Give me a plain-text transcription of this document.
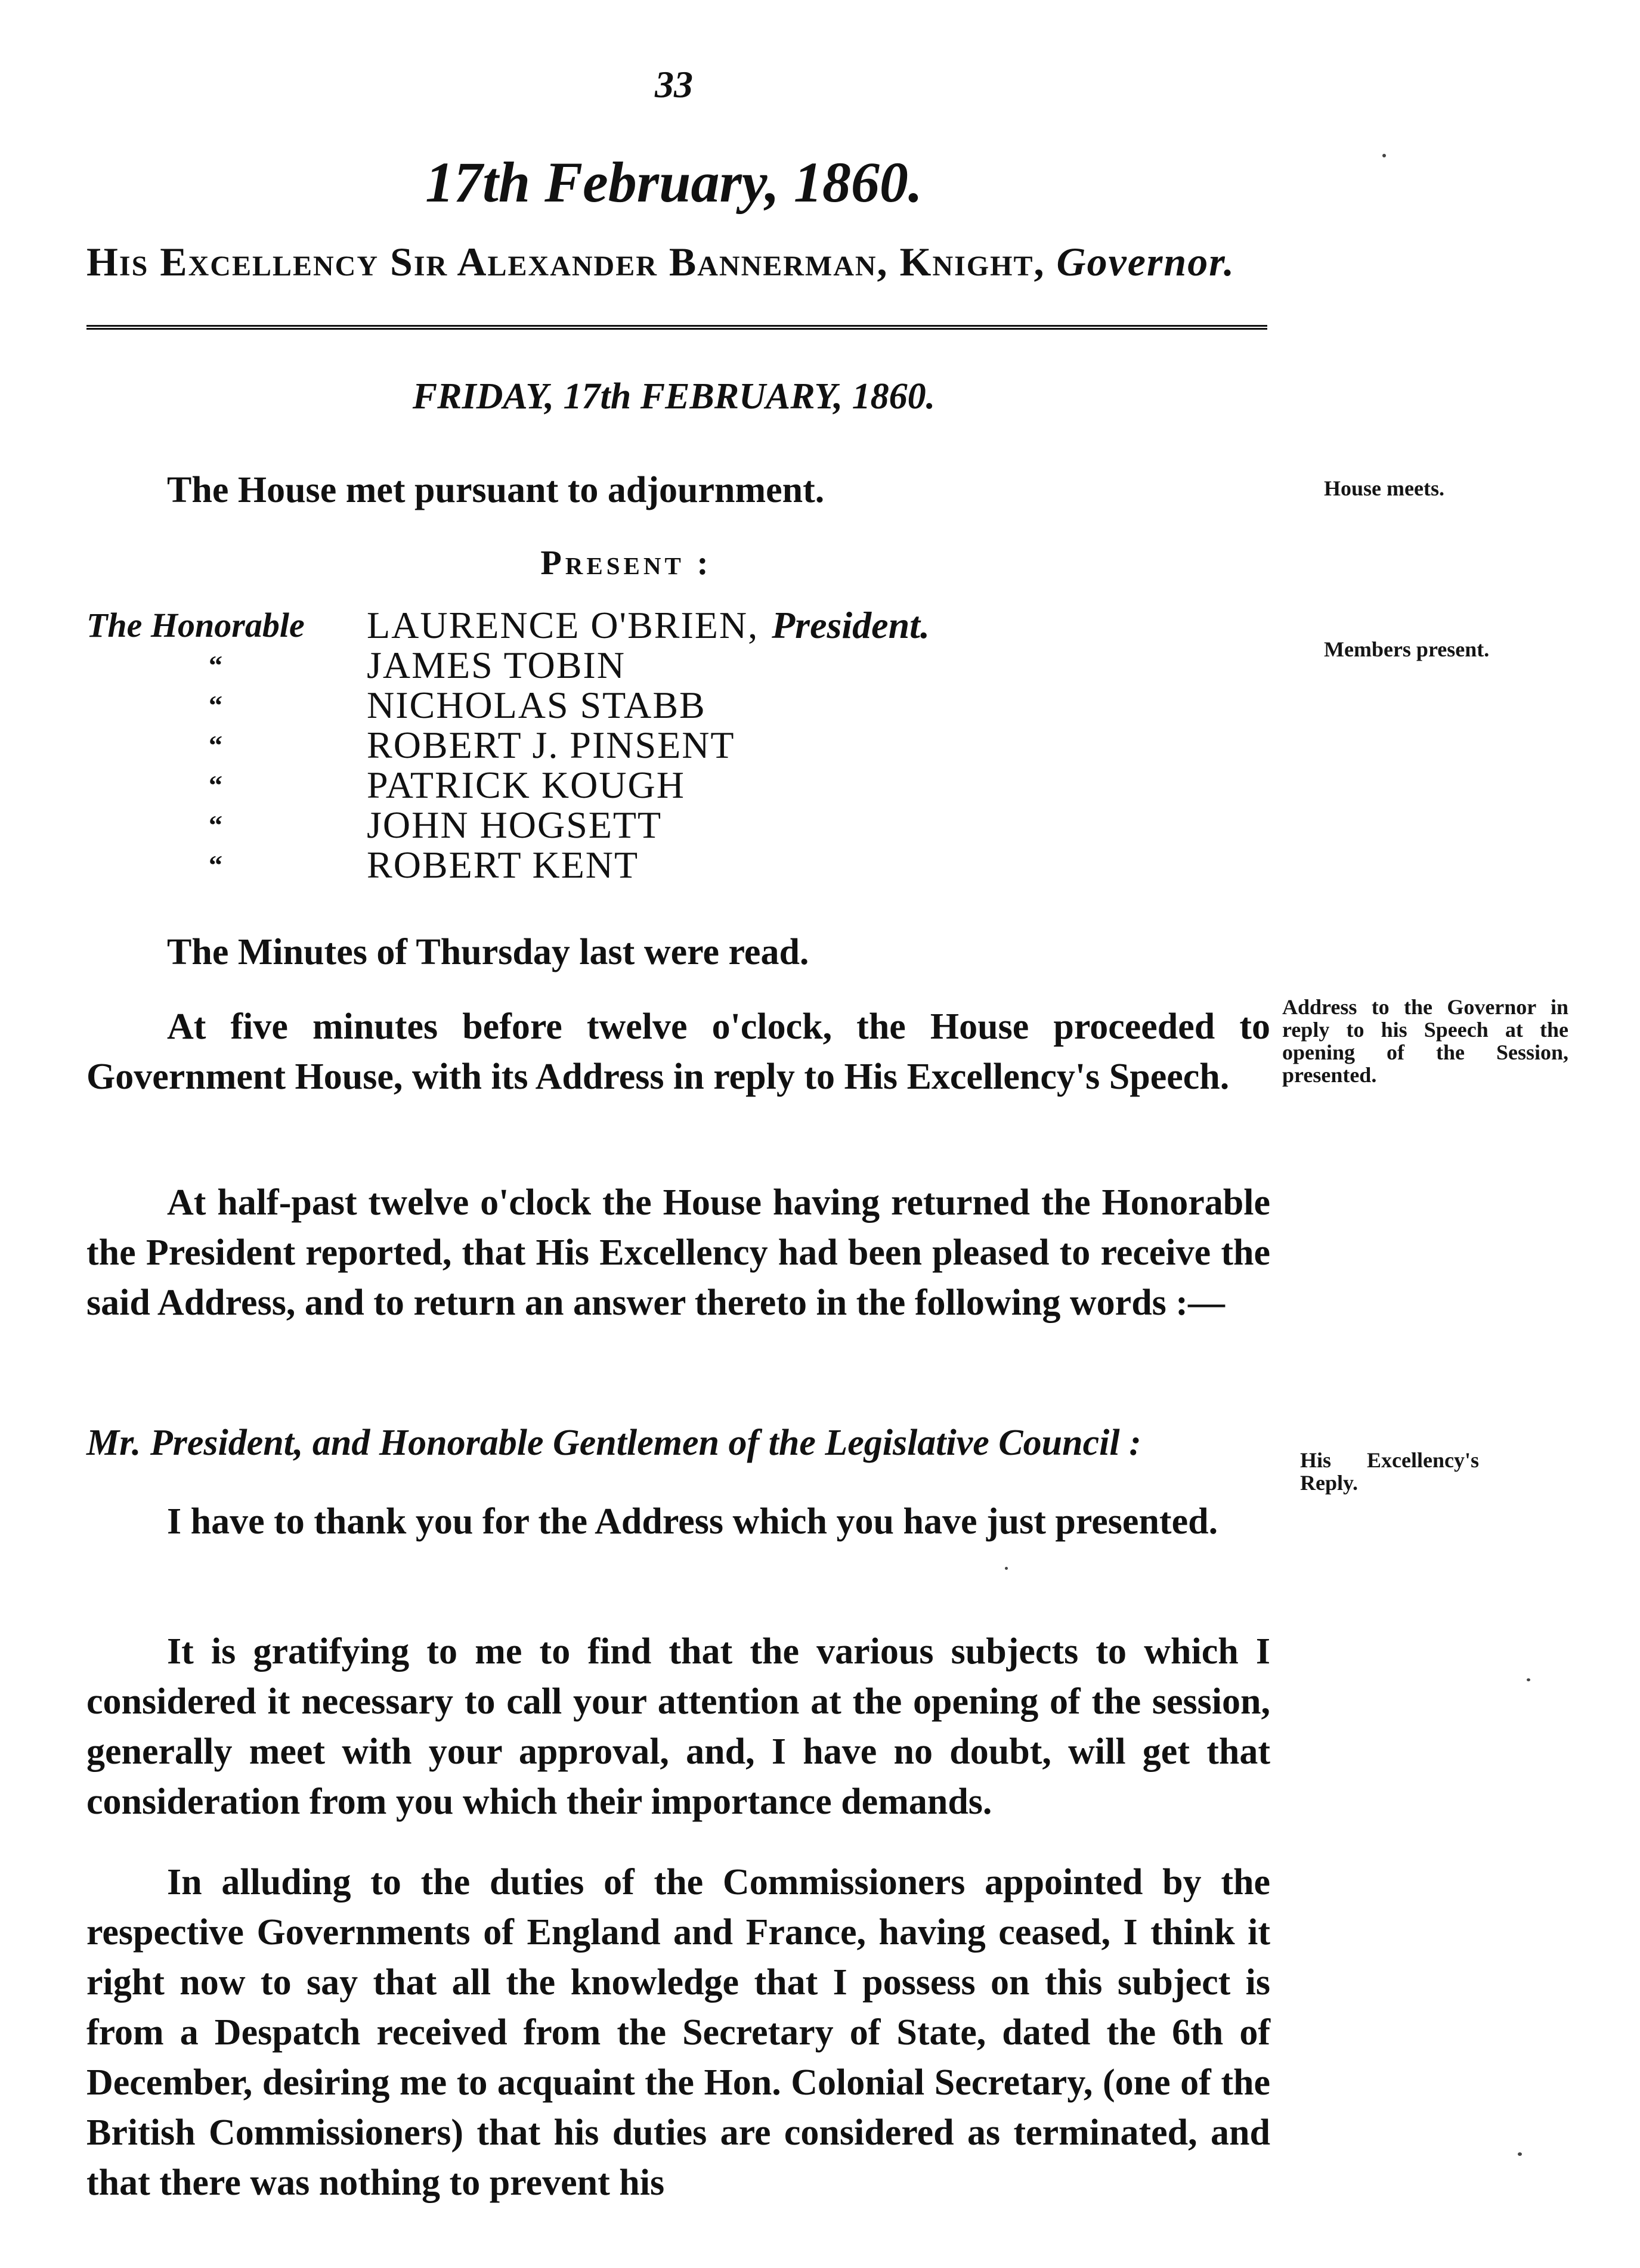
33
17th February, 1860.
His Excellency Sir Alexander Bannerman, Knight, Governor.
FRIDAY, 17th FEBRUARY, 1860.

The House met pursuant to adjournment.

Present :
The Honorable	LAURENCE O'BRIEN, President.
“	JAMES TOBIN
“	NICHOLAS STABB
“	ROBERT J. PINSENT
“	PATRICK KOUGH
“	JOHN HOGSETT
“	ROBERT KENT

The Minutes of Thursday last were read.

At five minutes before twelve o'clock, the House proceeded to Government House, with its Address in reply to His Excellency's Speech.

At half-past twelve o'clock the House having returned the Honorable the President reported, that His Excellency had been pleased to receive the said Address, and to return an answer thereto in the following words :—

Mr. President, and Honorable Gentlemen of the Legislative Council :

I have to thank you for the Address which you have just presented.

It is gratifying to me to find that the various subjects to which I considered it necessary to call your attention at the opening of the session, generally meet with your approval, and, I have no doubt, will get that consideration from you which their importance demands.

In alluding to the duties of the Commissioners appointed by the respective Governments of England and France, having ceased, I think it right now to say that all the knowledge that I possess on this subject is from a Despatch received from the Secretary of State, dated the 6th of December, desiring me to acquaint the Hon. Colonial Secretary, (one of the British Commissioners) that his duties are considered as terminated, and that there was nothing to prevent his

House meets.
Members present.
Address to the Governor in reply to his Speech at the opening of the Session, presented.
His Excellency's Reply.
